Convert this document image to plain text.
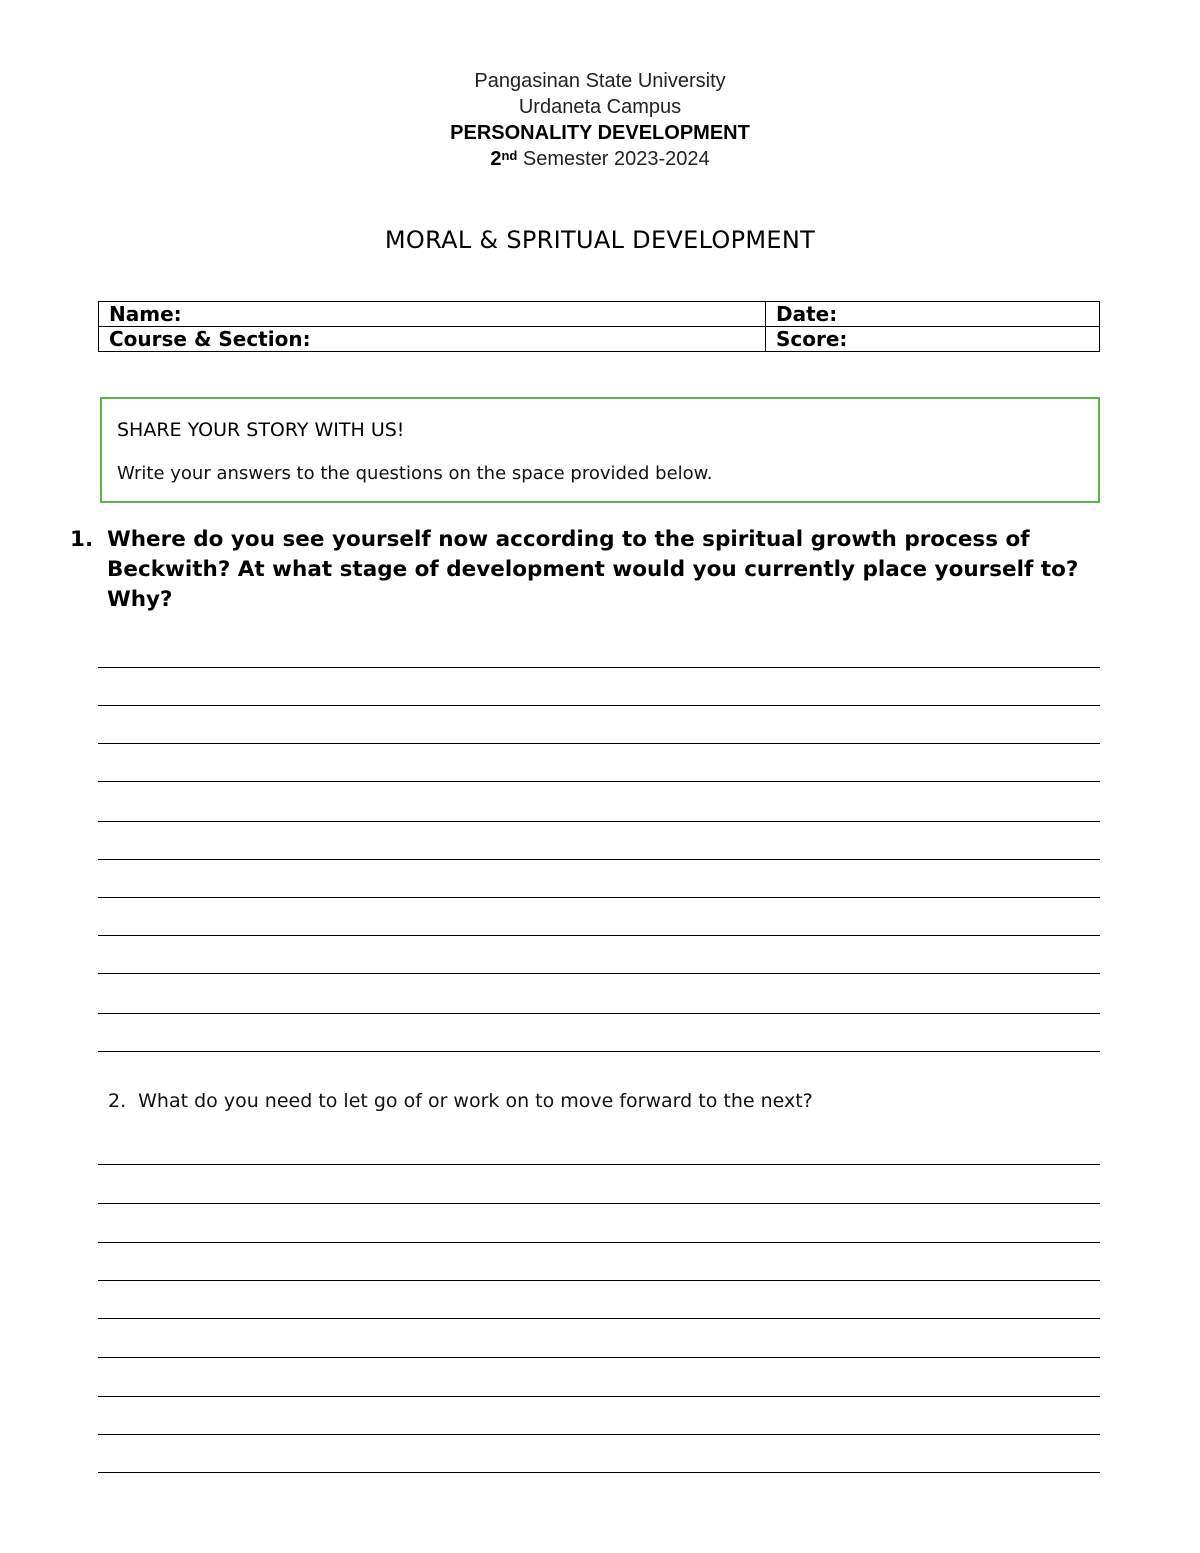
Pangasinan State University
Urdaneta Campus
PERSONALITY DEVELOPMENT
2nd Semester 2023-2024
MORAL & SPRITUAL DEVELOPMENT
Name:	Date:
Course & Section:	Score:
SHARE YOUR STORY WITH US!
Write your answers to the questions on the space provided below.
1. Where do you see yourself now according to the spiritual growth process of Beckwith? At what stage of development would you currently place yourself to? Why?
2. What do you need to let go of or work on to move forward to the next?
